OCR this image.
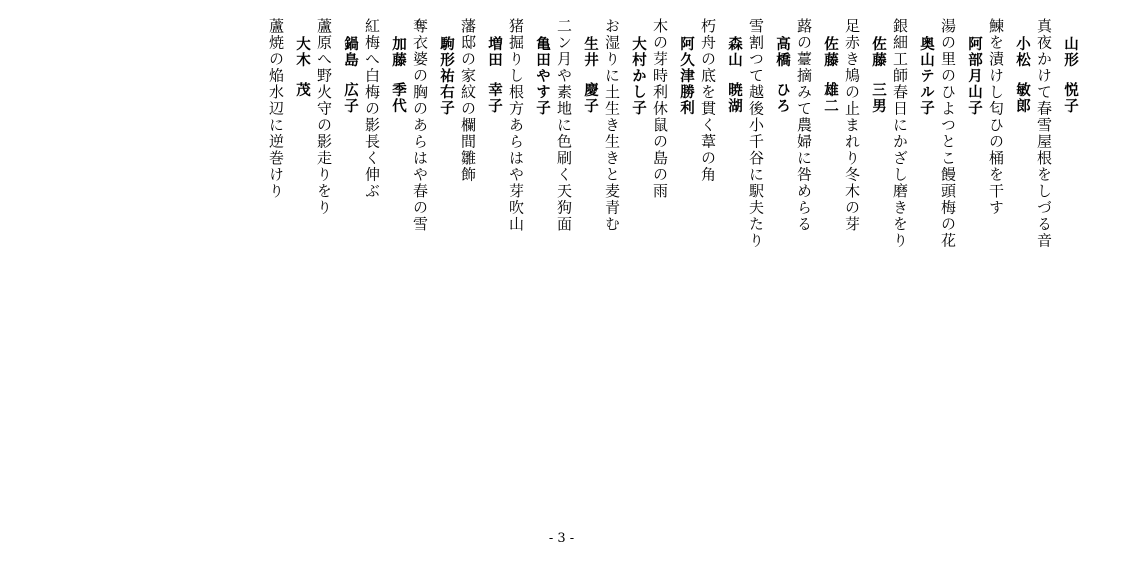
山形悦子
真夜かけて春雪屋根をしづる音
小松敏郎
鰊を漬けし匂ひの桶を干す
阿部月山子
湯の里のひよつとこ饅頭梅の花
奥山テル子
銀細工師春日にかざし磨きをり
佐藤三男
足赤き鳩の止まれり冬木の芽
佐藤雄二
蕗の薹摘みて農婦に咎めらる
高橋ひろ
雪割つて越後小千谷に駅夫たり
森山暁湖
朽舟の底を貫く葦の角
阿久津勝利
木の芽時利休鼠の島の雨
大村かし子
お湿りに土生き生きと麦青む
生井慶子
二ン月や素地に色刷く天狗面
亀田やす子
猪掘りし根方あらはや芽吹山
増田幸子
藩邸の家紋の欄間雛飾
駒形祐右子
奪衣婆の胸のあらはや春の雪
加藤季代
紅梅へ白梅の影長く伸ぶ
鍋島広子
蘆原へ野火守の影走りをり
大木茂
蘆焼の焔水辺に逆巻けり
- 3 -
